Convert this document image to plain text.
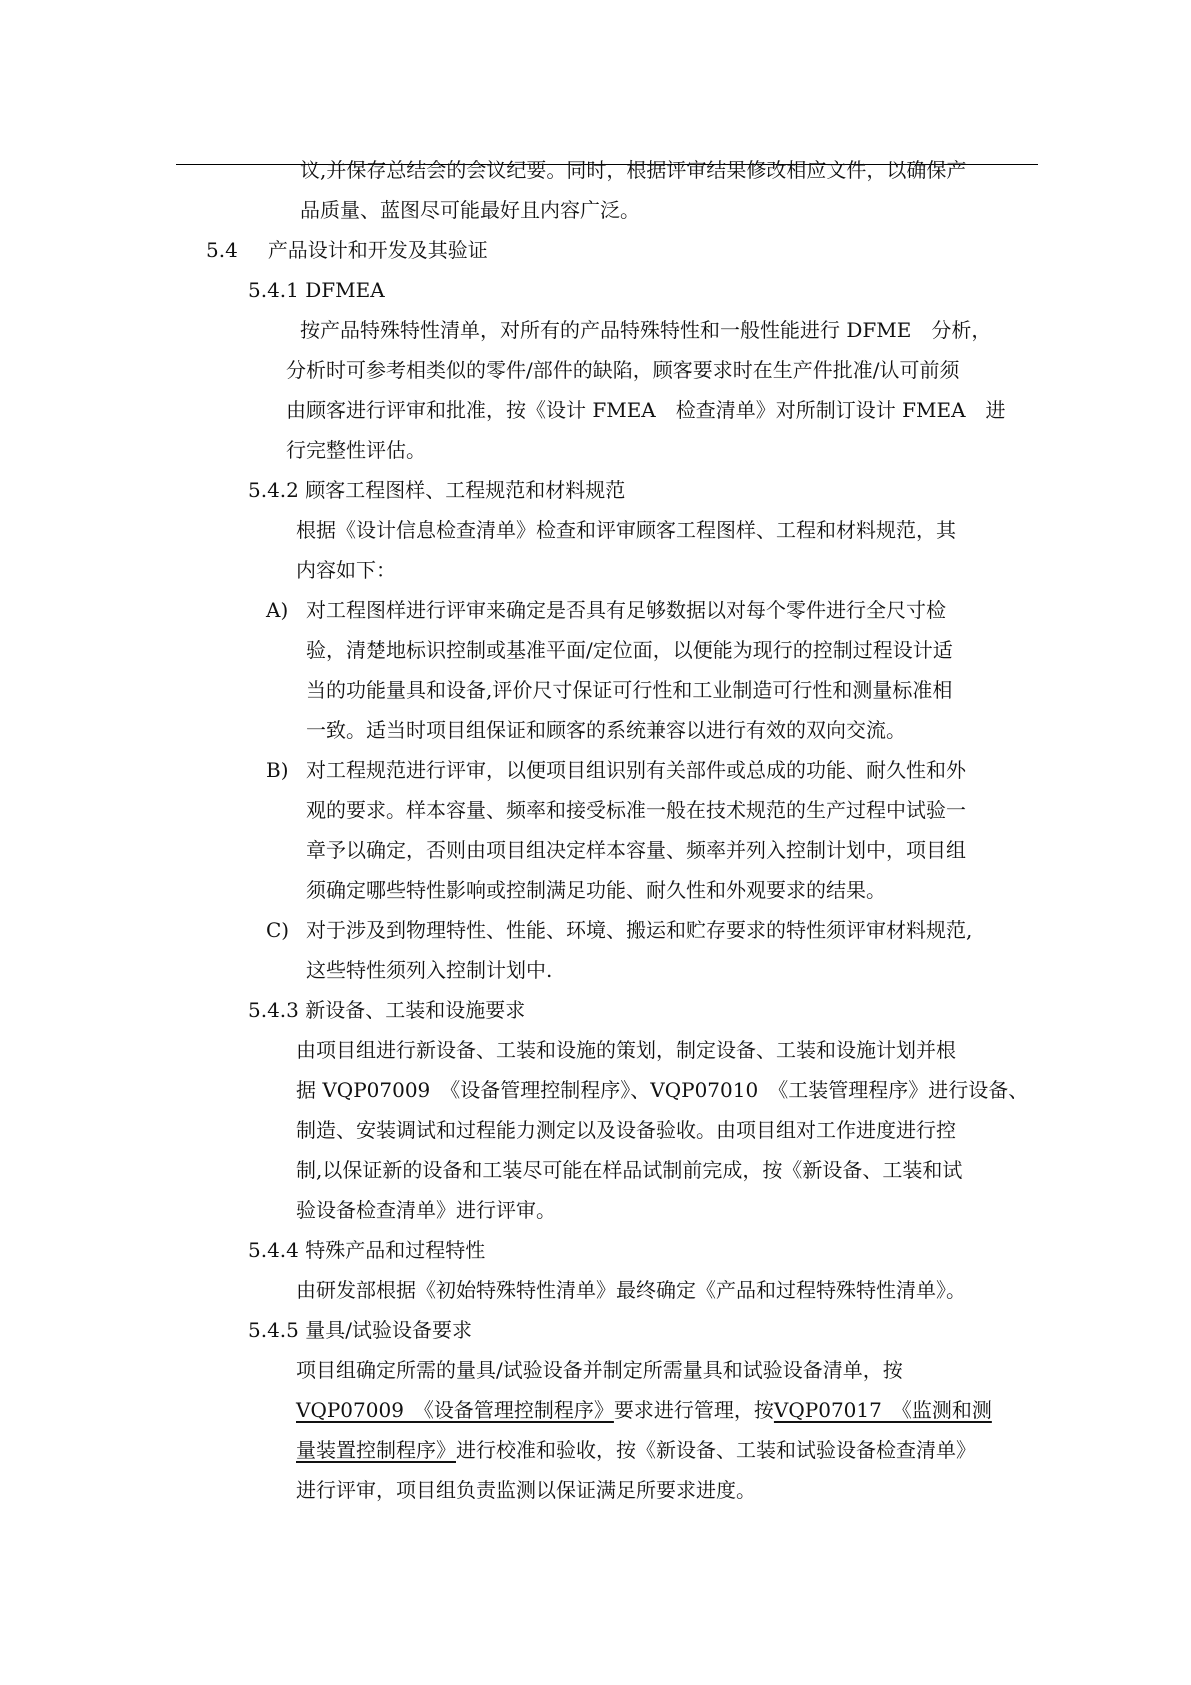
议,并保存总结会的会议纪要。同时，根据评审结果修改相应文件，以确保产

品质量、蓝图尽可能最好且内容广泛。

5.4 产品设计和开发及其验证

5.4.1 DFMEA

按产品特殊特性清单，对所有的产品特殊特性和一般性能进行 DFME　分析，

分析时可参考相类似的零件/部件的缺陷，顾客要求时在生产件批准/认可前须

由顾客进行评审和批准，按《设计 FMEA　检查清单》对所制订设计 FMEA　进

行完整性评估。

5.4.2 顾客工程图样、工程规范和材料规范

根据《设计信息检查清单》检查和评审顾客工程图样、工程和材料规范，其

内容如下：

A) 对工程图样进行评审来确定是否具有足够数据以对每个零件进行全尺寸检

验，清楚地标识控制或基准平面/定位面，以便能为现行的控制过程设计适

当的功能量具和设备,评价尺寸保证可行性和工业制造可行性和测量标准相

一致。适当时项目组保证和顾客的系统兼容以进行有效的双向交流。

B) 对工程规范进行评审，以便项目组识别有关部件或总成的功能、耐久性和外

观的要求。样本容量、频率和接受标准一般在技术规范的生产过程中试验一

章予以确定，否则由项目组决定样本容量、频率并列入控制计划中，项目组

须确定哪些特性影响或控制满足功能、耐久性和外观要求的结果。

C) 对于涉及到物理特性、性能、环境、搬运和贮存要求的特性须评审材料规范,

这些特性须列入控制计划中.

5.4.3 新设备、工装和设施要求

由项目组进行新设备、工装和设施的策划，制定设备、工装和设施计划并根

据 VQP07009　《设备管理控制程序》、VQP07010　《工装管理程序》进行设备、

制造、安装调试和过程能力测定以及设备验收。由项目组对工作进度进行控

制,以保证新的设备和工装尽可能在样品试制前完成，按《新设备、工装和试

验设备检查清单》进行评审。

5.4.4 特殊产品和过程特性

由研发部根据《初始特殊特性清单》最终确定《产品和过程特殊特性清单》。

5.4.5 量具/试验设备要求

项目组确定所需的量具/试验设备并制定所需量具和试验设备清单，按

VQP07009　《设备管理控制程序》要求进行管理，按VQP07017　《监测和测

量装置控制程序》进行校准和验收，按《新设备、工装和试验设备检查清单》

进行评审，项目组负责监测以保证满足所要求进度。
